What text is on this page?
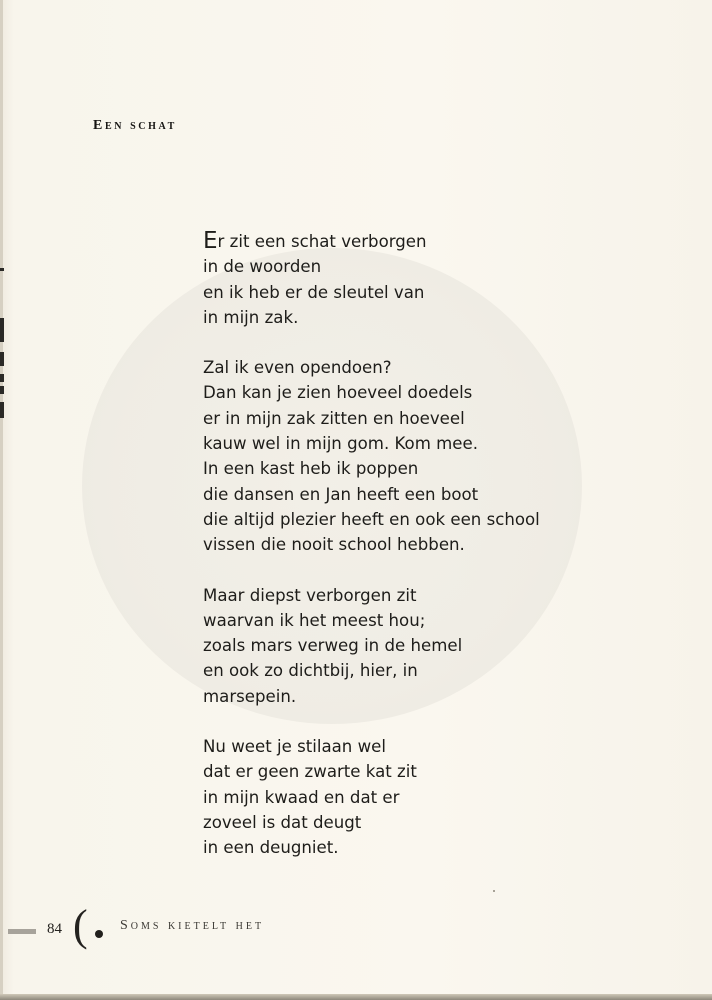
Een schat

Er zit een schat verborgen
in de woorden
en ik heb er de sleutel van
in mijn zak.

Zal ik even opendoen?
Dan kan je zien hoeveel doedels
er in mijn zak zitten en hoeveel
kauw wel in mijn gom. Kom mee.
In een kast heb ik poppen
die dansen en Jan heeft een boot
die altijd plezier heeft en ook een school
vissen die nooit school hebben.

Maar diepst verborgen zit
waarvan ik het meest hou;
zoals mars verweg in de hemel
en ook zo dichtbij, hier, in
marsepein.

Nu weet je stilaan wel
dat er geen zwarte kat zit
in mijn kwaad en dat er
zoveel is dat deugt
in een deugniet.

84 ( Soms kietelt het
